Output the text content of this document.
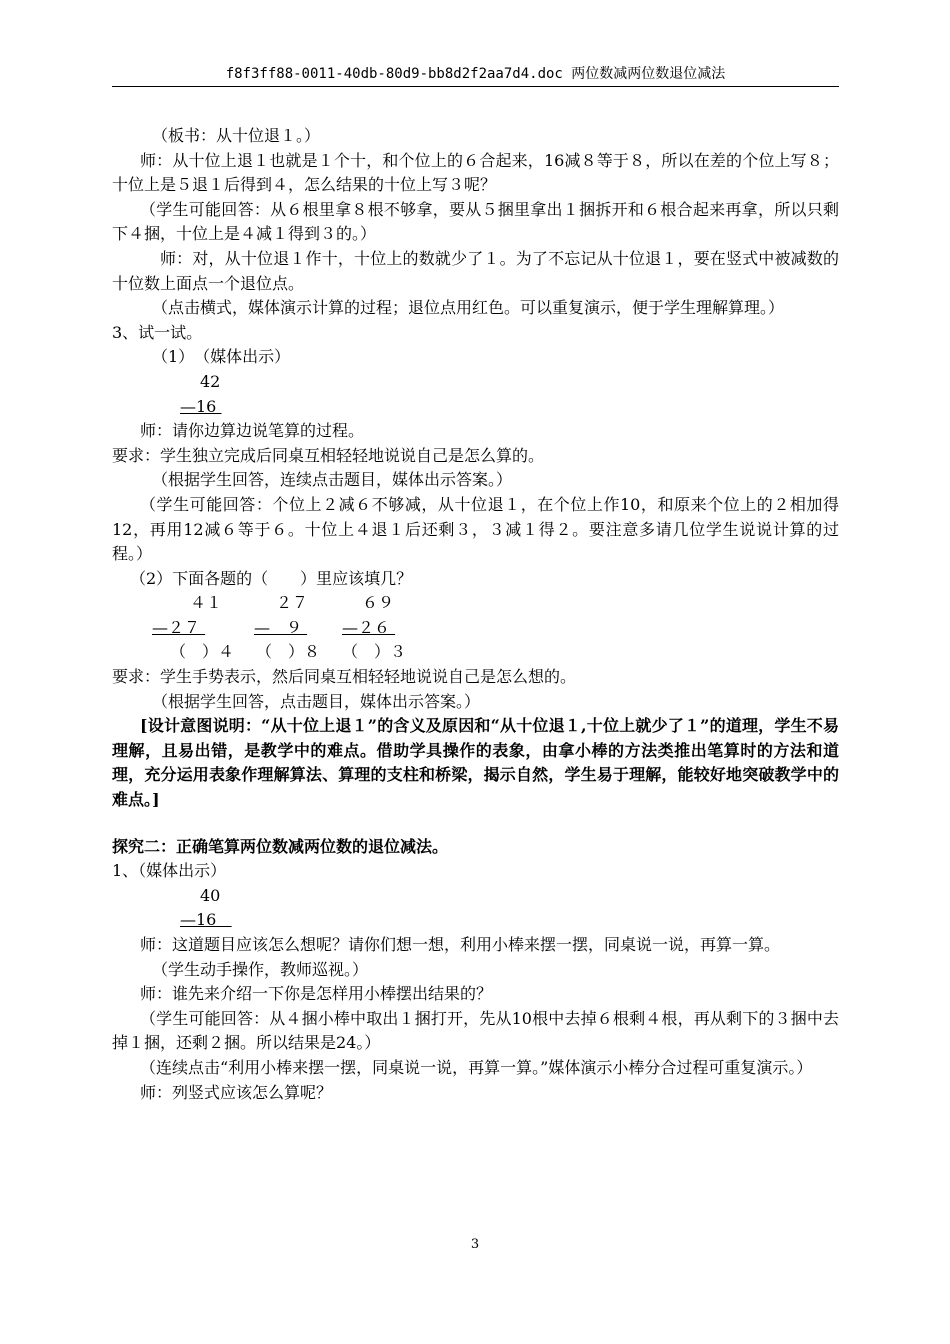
f8f3ff88-0011-40db-80d9-bb8d2f2aa7d4.doc 两位数减两位数退位减法

（板书：从十位退１。）

师：从十位上退１也就是１个十，和个位上的６合起来，16减８等于８，所以在差的个位上写８；十位上是５退１后得到４，怎么结果的十位上写３呢？

（学生可能回答：从６根里拿８根不够拿，要从５捆里拿出１捆拆开和６根合起来再拿，所以只剩下４捆，十位上是４减１得到３的。）

师：对，从十位退１作十，十位上的数就少了１。为了不忘记从十位退１，要在竖式中被减数的十位数上面点一个退位点。

（点击横式，媒体演示计算的过程；退位点用红色。可以重复演示，便于学生理解算理。）

3、试一试。

（1）　（媒体出示）

42
—16

师：请你边算边说笔算的过程。

要求：学生独立完成后同桌互相轻轻地说说自己是怎么算的。

（根据学生回答，连续点击题目，媒体出示答案。）

（学生可能回答：个位上２减６不够减，从十位退１，在个位上作10，和原来个位上的２相加得12，再用12减６等于６。十位上４退１后还剩３，３减１得２。要注意多请几位学生说说计算的过程。）

（2）下面各题的（　　）里应该填几？

４１	２７	６９
—２７	—　９ —２６
（　）４ （　）８ （　）３

要求：学生手势表示，然后同桌互相轻轻地说说自己是怎么想的。

（根据学生回答，点击题目，媒体出示答案。）

[设计意图说明：“从十位上退１”的含义及原因和“从十位退１,十位上就少了１”的道理，学生不易理解，且易出错，是教学中的难点。借助学具操作的表象，由拿小棒的方法类推出笔算时的方法和道理，充分运用表象作理解算法、算理的支柱和桥梁，揭示自然，学生易于理解，能较好地突破教学中的难点。]

探究二：正确笔算两位数减两位数的退位减法。

1、（媒体出示）

40
—16

师：这道题目应该怎么想呢？请你们想一想，利用小棒来摆一摆，同桌说一说，再算一算。

（学生动手操作，教师巡视。）

师：谁先来介绍一下你是怎样用小棒摆出结果的？

（学生可能回答：从４捆小棒中取出１捆打开，先从10根中去掉６根剩４根，再从剩下的３捆中去掉１捆，还剩２捆。所以结果是24。）

（连续点击“利用小棒来摆一摆，同桌说一说，再算一算。”媒体演示小棒分合过程可重复演示。）

师：列竖式应该怎么算呢？

3
